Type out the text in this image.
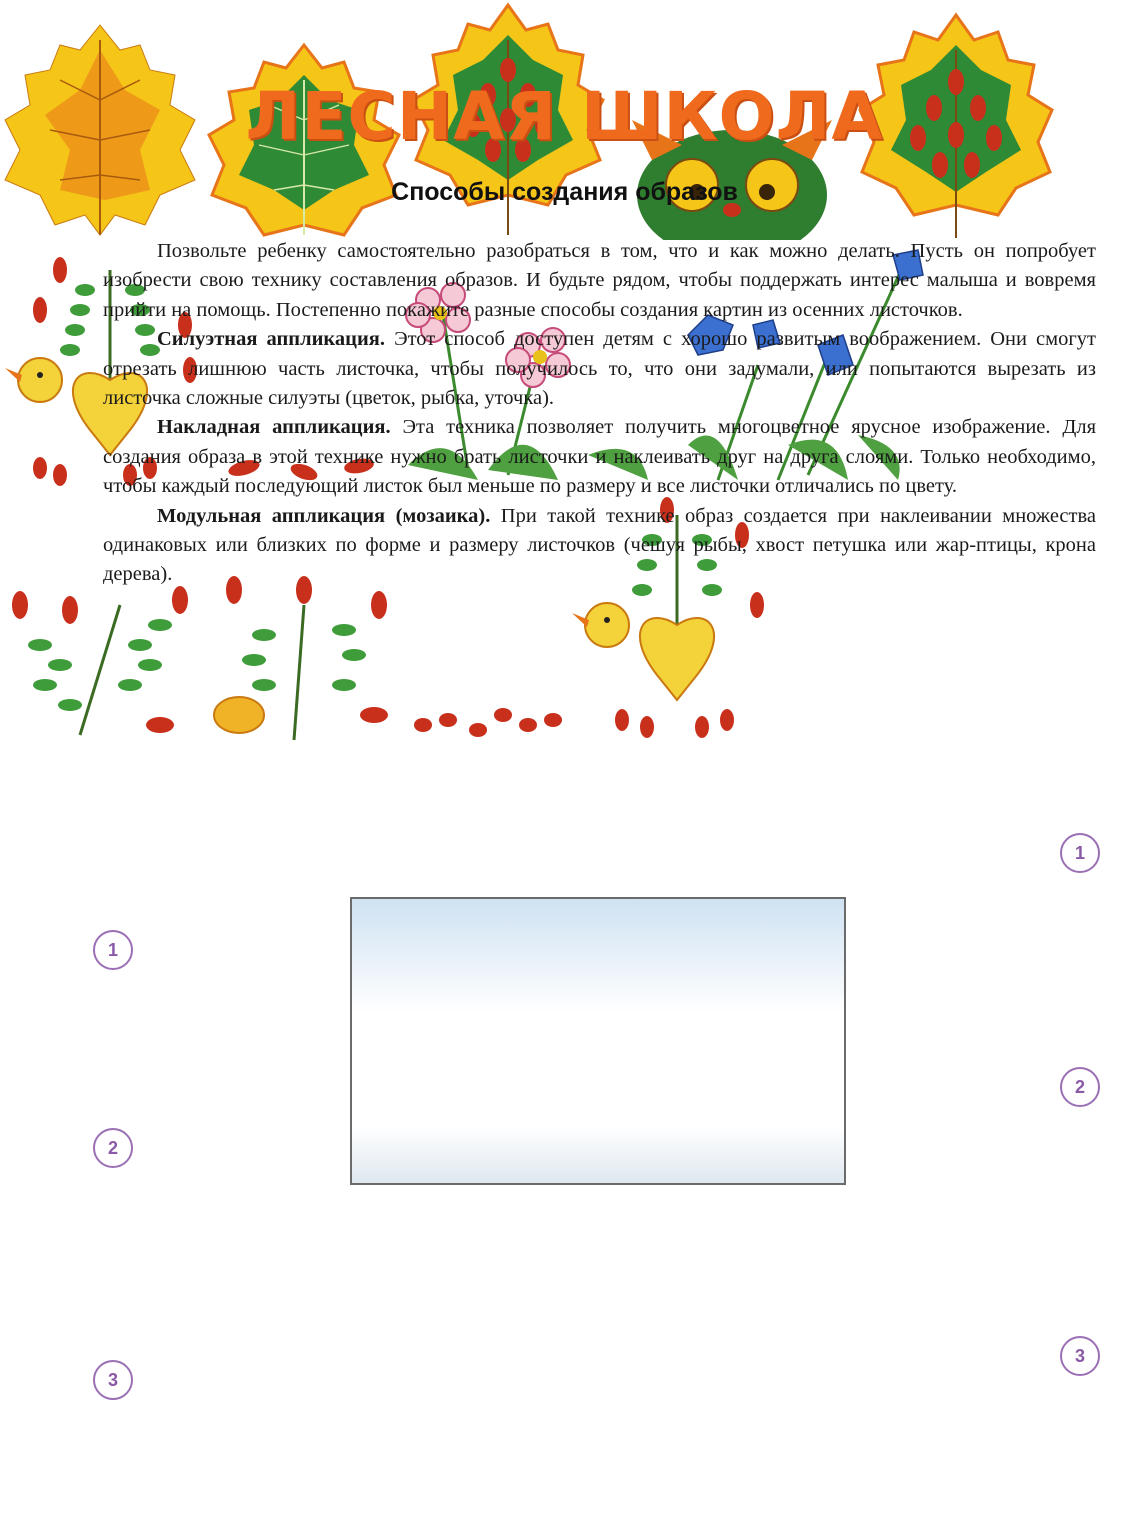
ЛЕСНАЯ ШКОЛА
Способы создания образов

Позвольте ребенку самостоятельно разобраться в том, что и как можно делать. Пусть он попробует изобрести свою технику составления образов. И будьте рядом, чтобы поддержать интерес малыша и вовремя прийти на помощь. Постепенно покажите разные способы создания картин из осенних листочков.

Силуэтная аппликация. Этот способ доступен детям с хорошо развитым воображением. Они смогут отрезать лишнюю часть листочка, чтобы получилось то, что они задумали, или попытаются вырезать из листочка сложные силуэты (цветок, рыбка, уточка).

Накладная аппликация. Эта техника позволяет получить многоцветное ярусное изображение. Для создания образа в этой технике нужно брать листочки и наклеивать друг на друга слоями. Только необходимо, чтобы каждый последующий листок был меньше по размеру и все листочки отличались по цвету.

Модульная аппликация (мозаика). При такой технике образ создается при наклеивании множества одинаковых или близких по форме и размеру листочков (чешуя рыбы, хвост петушка или жар-птицы, крона дерева).

1
2
3
1
2
3
